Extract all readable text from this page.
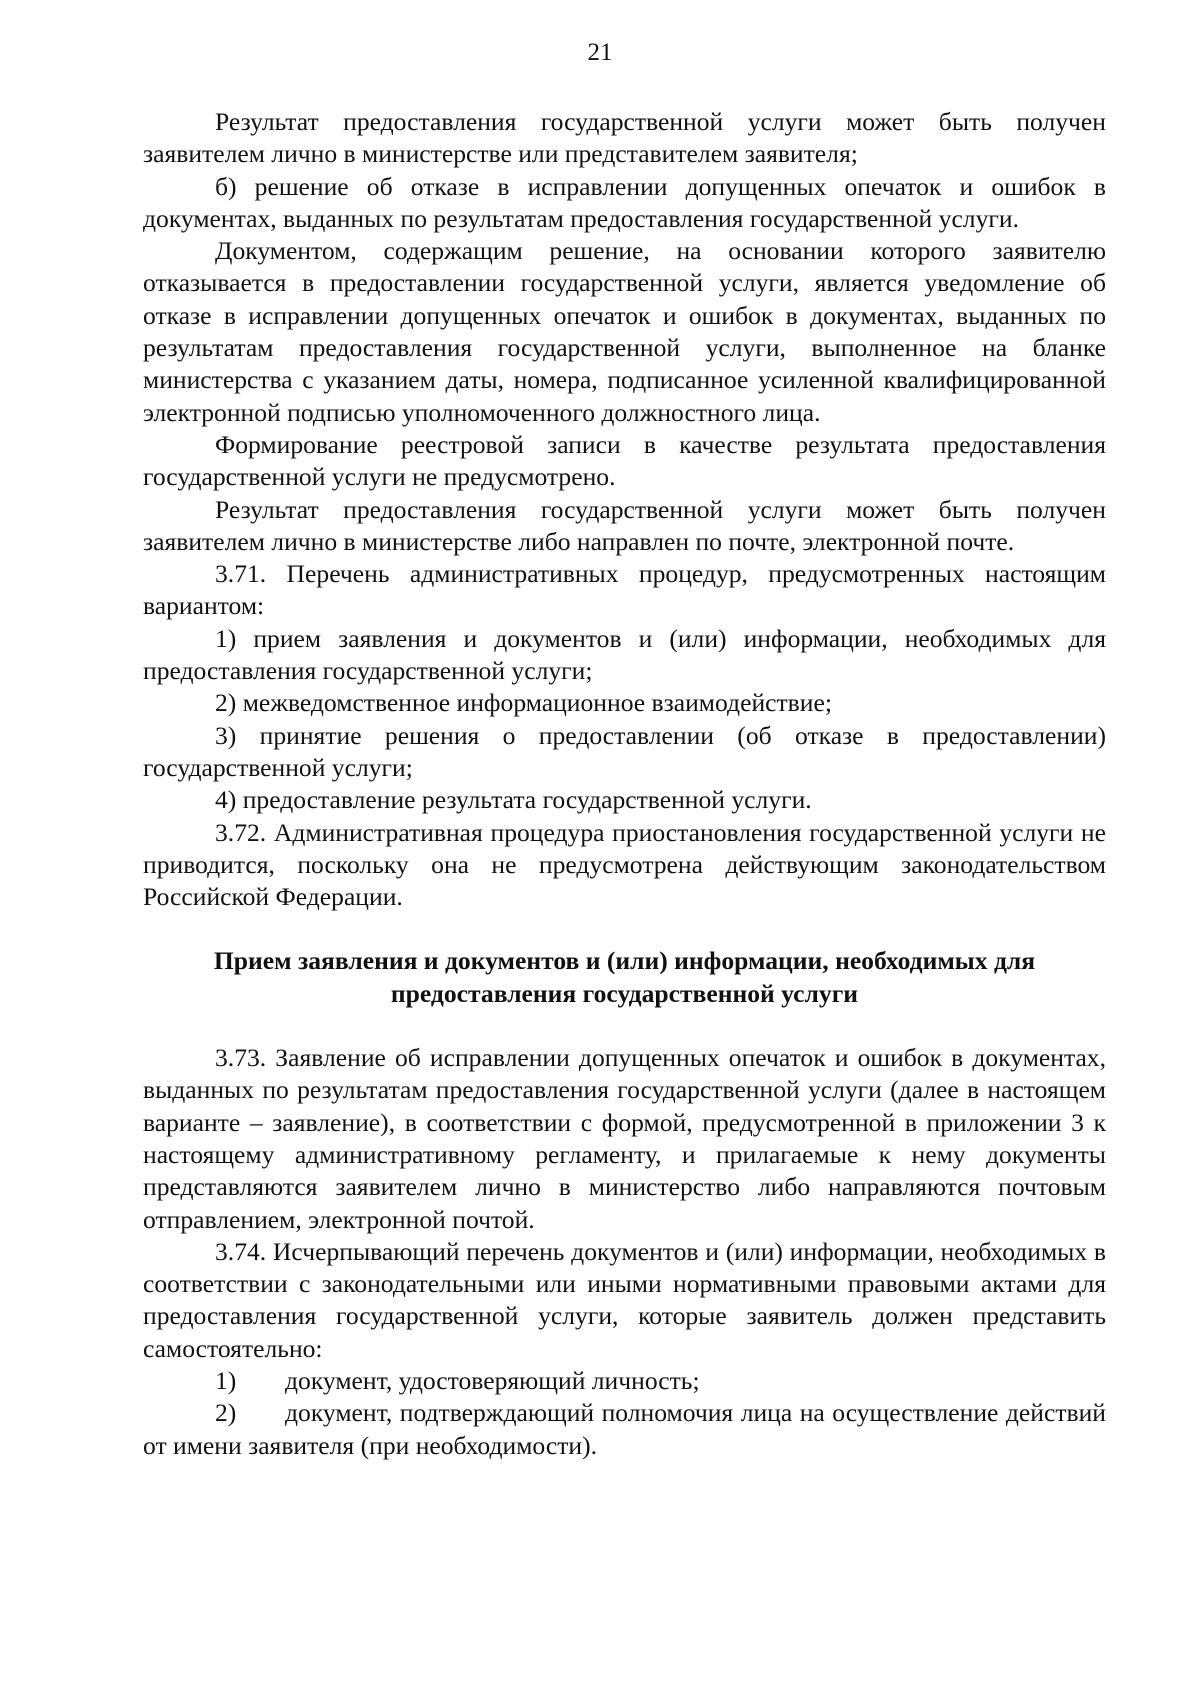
21

Результат предоставления государственной услуги может быть получен заявителем лично в министерстве или представителем заявителя;

б) решение об отказе в исправлении допущенных опечаток и ошибок в документах, выданных по результатам предоставления государственной услуги.

Документом, содержащим решение, на основании которого заявителю отказывается в предоставлении государственной услуги, является уведомление об отказе в исправлении допущенных опечаток и ошибок в документах, выданных по результатам предоставления государственной услуги, выполненное на бланке министерства с указанием даты, номера, подписанное усиленной квалифицированной электронной подписью уполномоченного должностного лица.

Формирование реестровой записи в качестве результата предоставления государственной услуги не предусмотрено.

Результат предоставления государственной услуги может быть получен заявителем лично в министерстве либо направлен по почте, электронной почте.

3.71. Перечень административных процедур, предусмотренных настоящим вариантом:

1) прием заявления и документов и (или) информации, необходимых для предоставления государственной услуги;

2) межведомственное информационное взаимодействие;

3) принятие решения о предоставлении (об отказе в предоставлении) государственной услуги;

4) предоставление результата государственной услуги.

3.72. Административная процедура приостановления государственной услуги не приводится, поскольку она не предусмотрена действующим законодательством Российской Федерации.

Прием заявления и документов и (или) информации, необходимых для
предоставления государственной услуги

3.73. Заявление об исправлении допущенных опечаток и ошибок в документах, выданных по результатам предоставления государственной услуги (далее в настоящем варианте – заявление), в соответствии с формой, предусмотренной в приложении 3 к настоящему административному регламенту, и прилагаемые к нему документы представляются заявителем лично в министерство либо направляются почтовым отправлением, электронной почтой.

3.74. Исчерпывающий перечень документов и (или) информации, необходимых в соответствии с законодательными или иными нормативными правовыми актами для предоставления государственной услуги, которые заявитель должен представить самостоятельно:

1) документ, удостоверяющий личность;

2) документ, подтверждающий полномочия лица на осуществление действий от имени заявителя (при необходимости).
